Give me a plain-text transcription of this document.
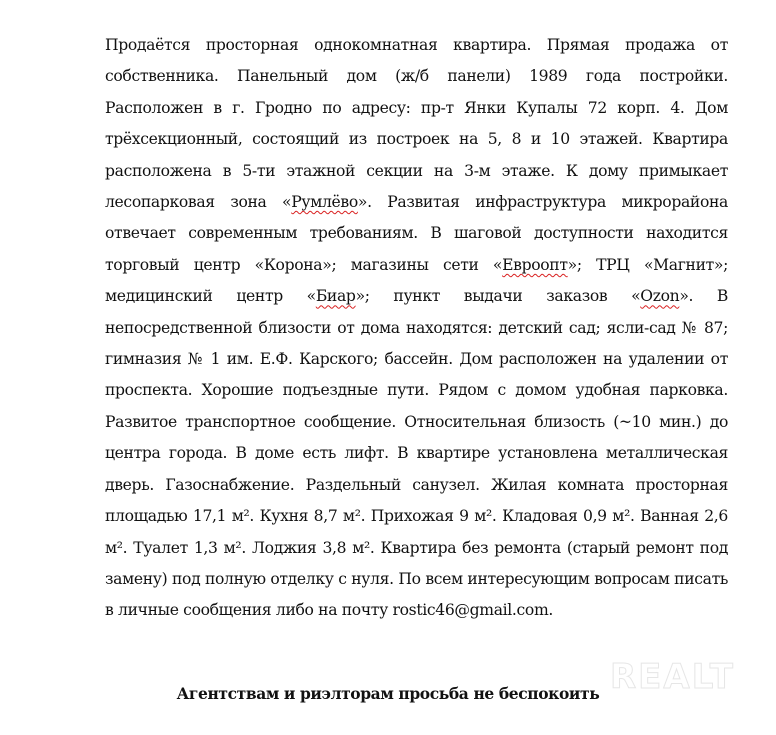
Продаётся просторная однокомнатная квартира. Прямая продажа от собственника. Панельный дом (ж/б панели) 1989 года постройки. Расположен в г. Гродно по адресу: пр-т Янки Купалы 72 корп. 4. Дом трёхсекционный, состоящий из построек на 5, 8 и 10 этажей. Квартира расположена в 5-ти этажной секции на 3-м этаже. К дому примыкает лесопарковая зона «Румлёво». Развитая инфраструктура микрорайона отвечает современным требованиям. В шаговой доступности находится торговый центр «Корона»; магазины сети «Евроопт»; ТРЦ «Магнит»; медицинский центр «Биар»; пункт выдачи заказов «Ozon». В непосредственной близости от дома находятся: детский сад; ясли-сад № 87; гимназия № 1 им. Е.Ф. Карского; бассейн. Дом расположен на удалении от проспекта. Хорошие подъездные пути. Рядом с домом удобная парковка. Развитое транспортное сообщение. Относительная близость (~10 мин.) до центра города. В доме есть лифт. В квартире установлена металлическая дверь. Газоснабжение. Раздельный санузел. Жилая комната просторная площадью 17,1 м². Кухня 8,7 м². Прихожая 9 м². Кладовая 0,9 м². Ванная 2,6 м². Туалет 1,3 м². Лоджия 3,8 м². Квартира без ремонта (старый ремонт под замену) под полную отделку с нуля. По всем интересующим вопросам писать в личные сообщения либо на почту rostic46@gmail.com.

REALT
Агентствам и риэлторам просьба не беспокоить
